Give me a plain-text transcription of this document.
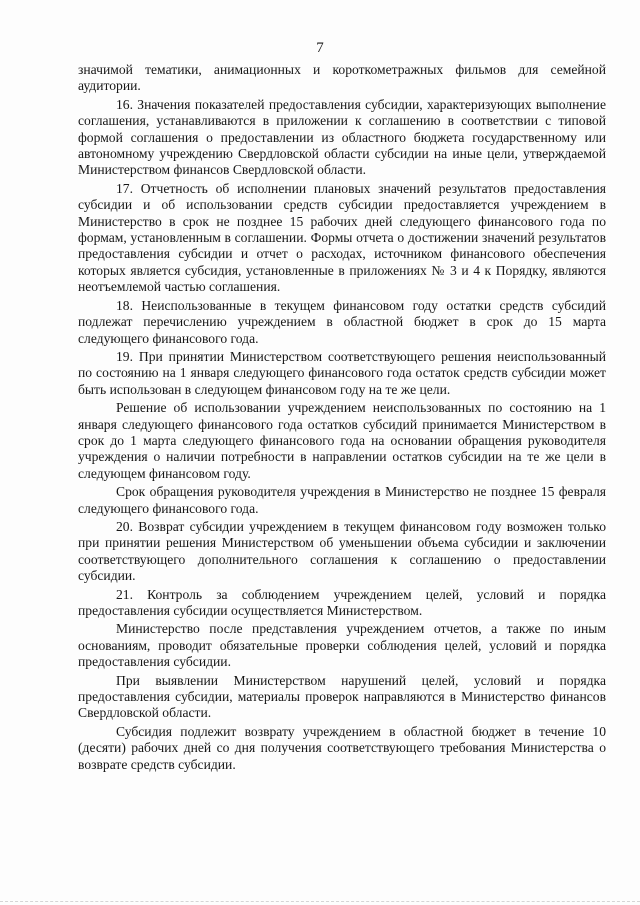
7

значимой тематики, анимационных и короткометражных фильмов для семейной аудитории.

16. Значения показателей предоставления субсидии, характеризующих выполнение соглашения, устанавливаются в приложении к соглашению в соответствии с типовой формой соглашения о предоставлении из областного бюджета государственному или автономному учреждению Свердловской области субсидии на иные цели, утверждаемой Министерством финансов Свердловской области.

17. Отчетность об исполнении плановых значений результатов предоставления субсидии и об использовании средств субсидии предоставляется учреждением в Министерство в срок не позднее 15 рабочих дней следующего финансового года по формам, установленным в соглашении. Формы отчета о достижении значений результатов предоставления субсидии и отчет о расходах, источником финансового обеспечения которых является субсидия, установленные в приложениях № 3 и 4 к Порядку, являются неотъемлемой частью соглашения.

18. Неиспользованные в текущем финансовом году остатки средств субсидий подлежат перечислению учреждением в областной бюджет в срок до 15 марта следующего финансового года.

19. При принятии Министерством соответствующего решения неиспользованный по состоянию на 1 января следующего финансового года остаток средств субсидии может быть использован в следующем финансовом году на те же цели.

Решение об использовании учреждением неиспользованных по состоянию на 1 января следующего финансового года остатков субсидий принимается Министерством в срок до 1 марта следующего финансового года на основании обращения руководителя учреждения о наличии потребности в направлении остатков субсидии на те же цели в следующем финансовом году.

Срок обращения руководителя учреждения в Министерство не позднее 15 февраля следующего финансового года.

20. Возврат субсидии учреждением в текущем финансовом году возможен только при принятии решения Министерством об уменьшении объема субсидии и заключении соответствующего дополнительного соглашения к соглашению о предоставлении субсидии.

21. Контроль за соблюдением учреждением целей, условий и порядка предоставления субсидии осуществляется Министерством.

Министерство после представления учреждением отчетов, а также по иным основаниям, проводит обязательные проверки соблюдения целей, условий и порядка предоставления субсидии.

При выявлении Министерством нарушений целей, условий и порядка предоставления субсидии, материалы проверок направляются в Министерство финансов Свердловской области.

Субсидия подлежит возврату учреждением в областной бюджет в течение 10 (десяти) рабочих дней со дня получения соответствующего требования Министерства о возврате средств субсидии.
